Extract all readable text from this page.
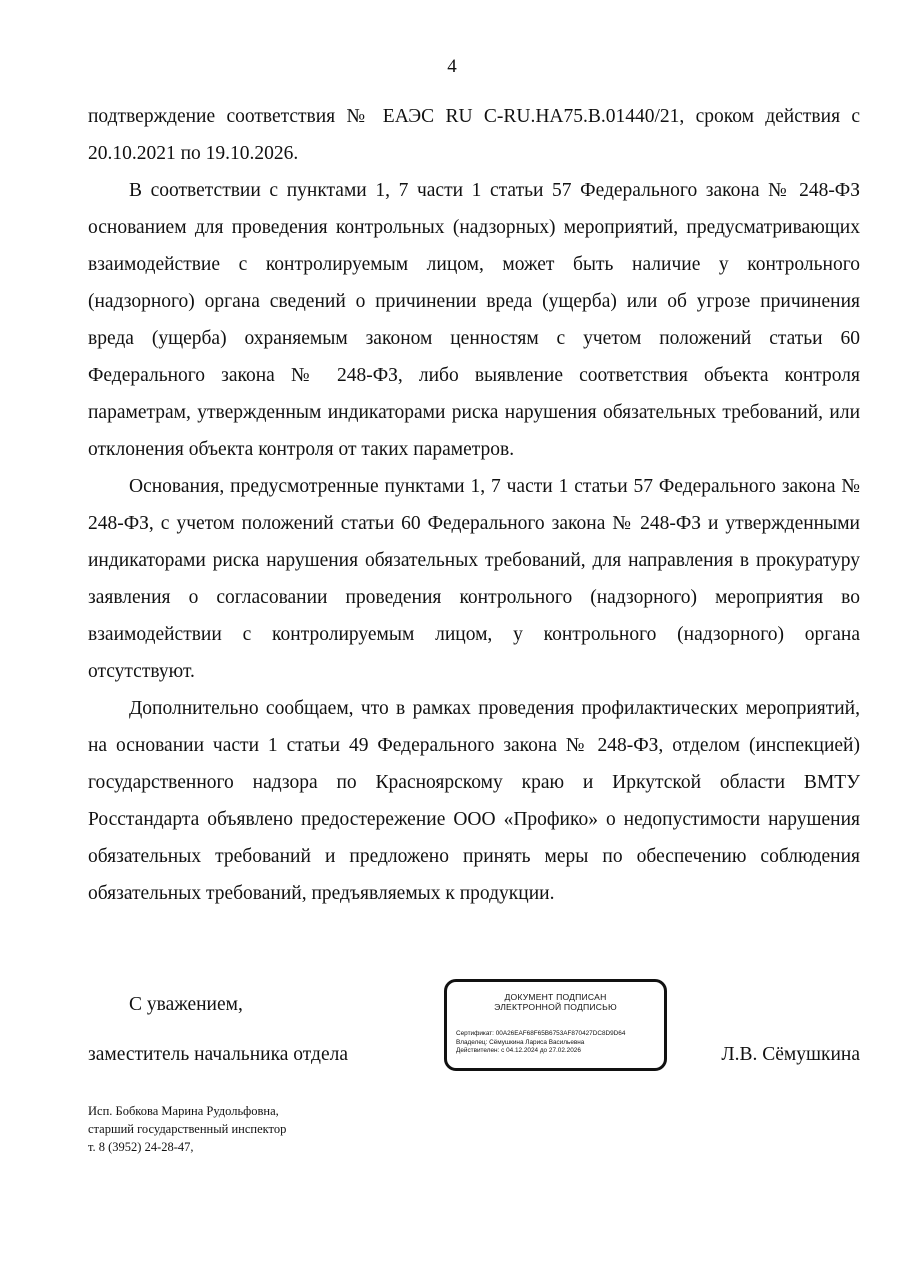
4

подтверждение соответствия № ЕАЭС RU C-RU.HA75.B.01440/21, сроком действия с 20.10.2021 по 19.10.2026.

В соответствии с пунктами 1, 7 части 1 статьи 57 Федерального закона № 248-ФЗ основанием для проведения контрольных (надзорных) мероприятий, предусматривающих взаимодействие с контролируемым лицом, может быть наличие у контрольного (надзорного) органа сведений о причинении вреда (ущерба) или об угрозе причинения вреда (ущерба) охраняемым законом ценностям с учетом положений статьи 60 Федерального закона № 248-ФЗ, либо выявление соответствия объекта контроля параметрам, утвержденным индикаторами риска нарушения обязательных требований, или отклонения объекта контроля от таких параметров.

Основания, предусмотренные пунктами 1, 7 части 1 статьи 57 Федерального закона № 248-ФЗ, с учетом положений статьи 60 Федерального закона № 248-ФЗ и утвержденными индикаторами риска нарушения обязательных требований, для направления в прокуратуру заявления о согласовании проведения контрольного (надзорного) мероприятия во взаимодействии с контролируемым лицом, у контрольного (надзорного) органа отсутствуют.

Дополнительно сообщаем, что в рамках проведения профилактических мероприятий, на основании части 1 статьи 49 Федерального закона № 248-ФЗ, отделом (инспекцией) государственного надзора по Красноярскому краю и Иркутской области ВМТУ Росстандарта объявлено предостережение ООО «Профико» о недопустимости нарушения обязательных требований и предложено принять меры по обеспечению соблюдения обязательных требований, предъявляемых к продукции.

С уважением,
заместитель начальника отдела	Л.В. Сёмушкина
ДОКУМЕНТ ПОДПИСАН
ЭЛЕКТРОННОЙ ПОДПИСЬЮ
Сертификат: 00A26EAF68F65B6753AF870427DC8D9D64
Владелец: Сёмушкина Лариса Васильевна
Действителен: с 04.12.2024 до 27.02.2026
Исп. Бобкова Марина Рудольфовна,
старший государственный инспектор
т. 8 (3952) 24-28-47,
